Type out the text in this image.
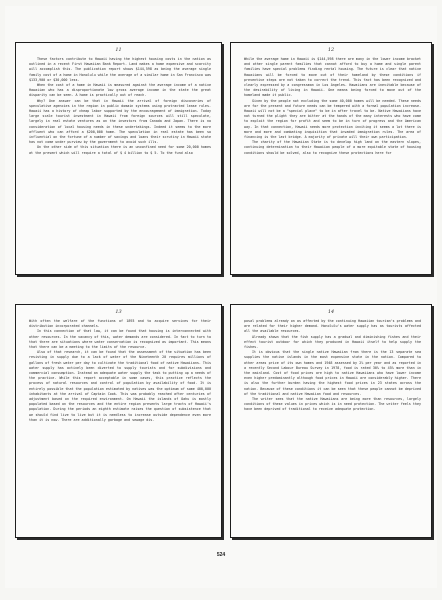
11

These factors contribute to Hawaii having the highest housing costs in the nation as outlined in a recent First Hawaiian Bank Report. Land makes a home expensive and scarcity will accomplish this. The publication report shows $144,598 as being the average single family cost of a home in Honolulu while the average of a similar home in San Francisco was $133,900 or $30,000 less.

When the cost of a home in Hawaii is measured against the average income of a native Hawaiian who has a disproportionate low gross average income in the state the great disparity can be seen. A home is practically out of reach.

Why? One answer can be that in Hawaii the arrival of foreign discoveries of speculative agencies in the region in public domain systems using protracted lease rules. Hawaii has a history of cheap labor supported by the encouragement of immigration. Today large scale tourist investment in Hawaii from foreign sources will still speculate, largely in real estate ventures as on the investors from Canada and Japan. There is no consideration of local housing needs in these undertakings. Indeed it seems to the more affluent who can afford a $200,000 home. The speculation in real estate has been so influential on the fortune of a number of savings and loans their scrutiny in Hawaii state has not come under purview by the government to avoid such ills.

On the other side of this situation there is an unconfined need for some 20,000 homes at the present which will require a total of $ 4 billion to $ 5. To the fund also

12

While the average home in Hawaii is $144,598 there are many in the lower income bracket and other single parent families that cannot afford to buy a home and single parent families have special problems finding rental housing. The future is clear that native Hawaiians will be forced to move out of their homeland by these conditions if preventive steps are not taken to correct the trend. This fact has been recognized and clearly expressed by a congressman in Los Angeles. Hawaiians are inevitable because of the desirability of living in Hawaii. One means being forced to move out of the homeland made it public.

Given by the people not excluding the some 40,000 homes will be needed. These needs are for the present and future needs can be tempered with a formal population increase. Hawaii will not be a "special place" to be in after travel to be. Native Hawaiians have not turned the plight they are bitter at the hands of the many interests who have come to exploit the region for profit and seem to be in turn of progress and the American way. In that connection, Hawaii needs more protection inviting it seems a lot there is more and more and combating inquisition that invaded immigration rules. The area of financing is the last bridge. A majority of private will their own participation.

The charity of the Hawaiian State is to develop high land on the eastern slopes, continuing determination to their Hawaiian people of a more equitable state of housing conditions should be solved, also to recognize these protections here for

13

With often the welfare of the functions of 1893 and to acquire services for their distribution incorporated channels.

In this connection of that law, it can be found that housing is interconnected with other resources. In the vacancy of this, water demands are considered. In fact to turn to that there are situations where water conservation is recognized as important. This means that there can be a meeting to the limits of the resource.

Also of that research, it can be found that the assessment of the situation has been resisting in supply due to a lack of water of the Nineteenth 20 requires millions of gallons of fresh water per day to cultivate the traditional food of native Hawaiians. This water supply has actively been diverted to supply tourists and for subdivisions and commercial consumption. Instead an adequate water supply the task to putting up a needs of the practice. While this report acceptable in some cases, this practice reflects the process of natural resources and control of population by availability of food. It is entirely possible that the population estimated by natives was the optimum of some 400,000 inhabitants at the arrival of Captain Cook. This was probably reached after centuries of adjustment based on the required environment. On Hawaii the islands of Oahu is mostly populated based on the resources and the entire region presents large tracts of Hawaii's population. During the periods an eighth estimate raises the question of subsistence that we should find live to live but it is needless to increase outside dependence even more than it is now. There are additionally garbage and sewage dis-

14

posal problems already on as affected by the continuing Hawaiian tourism's problems and are related for their higher demand. Honolulu's water supply has as tourists affected all the available resources.

Already shown that the fish supply has a gradual and diminishing fishes and their effect tourist outdoor for which they produced in Hawaii itself to help supply the fishes.

It is obvious that the single native Hawaiian from there is the 13 separate sea supplies the native islands in the most expensive state in the nation. Compared to other areas price of its own homes and 1948 assessed by 2% per year and as reported in a recently Second Labour Bureau Survey in 1978, food is rated 30% to 45% more than in the mainland. Cost of food prices are high to native Hawaiians who have lower income even higher predominantly although food prices in Hawaii are considerably higher. There is also the further burden having the highest food prices in 23 states across the nation. Because of these conditions it can be seen that these people cannot be deprived of the traditional and native Hawaiian food and resources.

The writer sees that the native Hawaiians are being more than resources, largely conditions of these values in prices which is in need protection. The writer feels they have been deprived of traditional to receive adequate protection.

524
